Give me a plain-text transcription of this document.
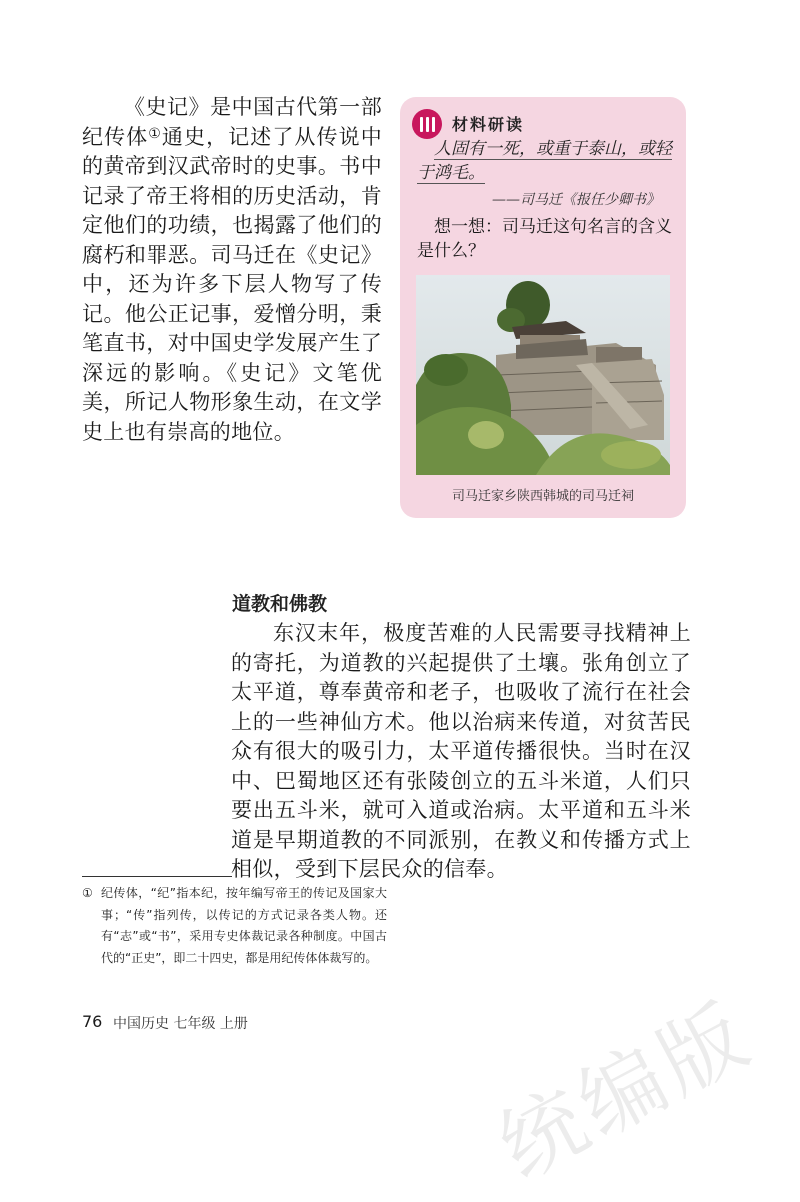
《史记》是中国古代第一部纪传体①通史，记述了从传说中的黄帝到汉武帝时的史事。书中记录了帝王将相的历史活动，肯定他们的功绩，也揭露了他们的腐朽和罪恶。司马迁在《史记》中，还为许多下层人物写了传记。他公正记事，爱憎分明，秉笔直书，对中国史学发展产生了深远的影响。《史记》文笔优美，所记人物形象生动，在文学史上也有崇高的地位。

材料研读

人固有一死，或重于泰山，或轻于鸿毛。

——司马迁《报任少卿书》

想一想：司马迁这句名言的含义是什么？

司马迁家乡陕西韩城的司马迁祠
道教和佛教

东汉末年，极度苦难的人民需要寻找精神上的寄托，为道教的兴起提供了土壤。张角创立了太平道，尊奉黄帝和老子，也吸收了流行在社会上的一些神仙方术。他以治病来传道，对贫苦民众有很大的吸引力，太平道传播很快。当时在汉中、巴蜀地区还有张陵创立的五斗米道，人们只要出五斗米，就可入道或治病。太平道和五斗米道是早期道教的不同派别，在教义和传播方式上相似，受到下层民众的信奉。

① 纪传体，“纪”指本纪，按年编写帝王的传记及国家大事；“传”指列传，以传记的方式记录各类人物。还有“志”或“书”，采用专史体裁记录各种制度。中国古代的“正史”，即二十四史，都是用纪传体体裁写的。
76 中国历史 七年级 上册	统编版
